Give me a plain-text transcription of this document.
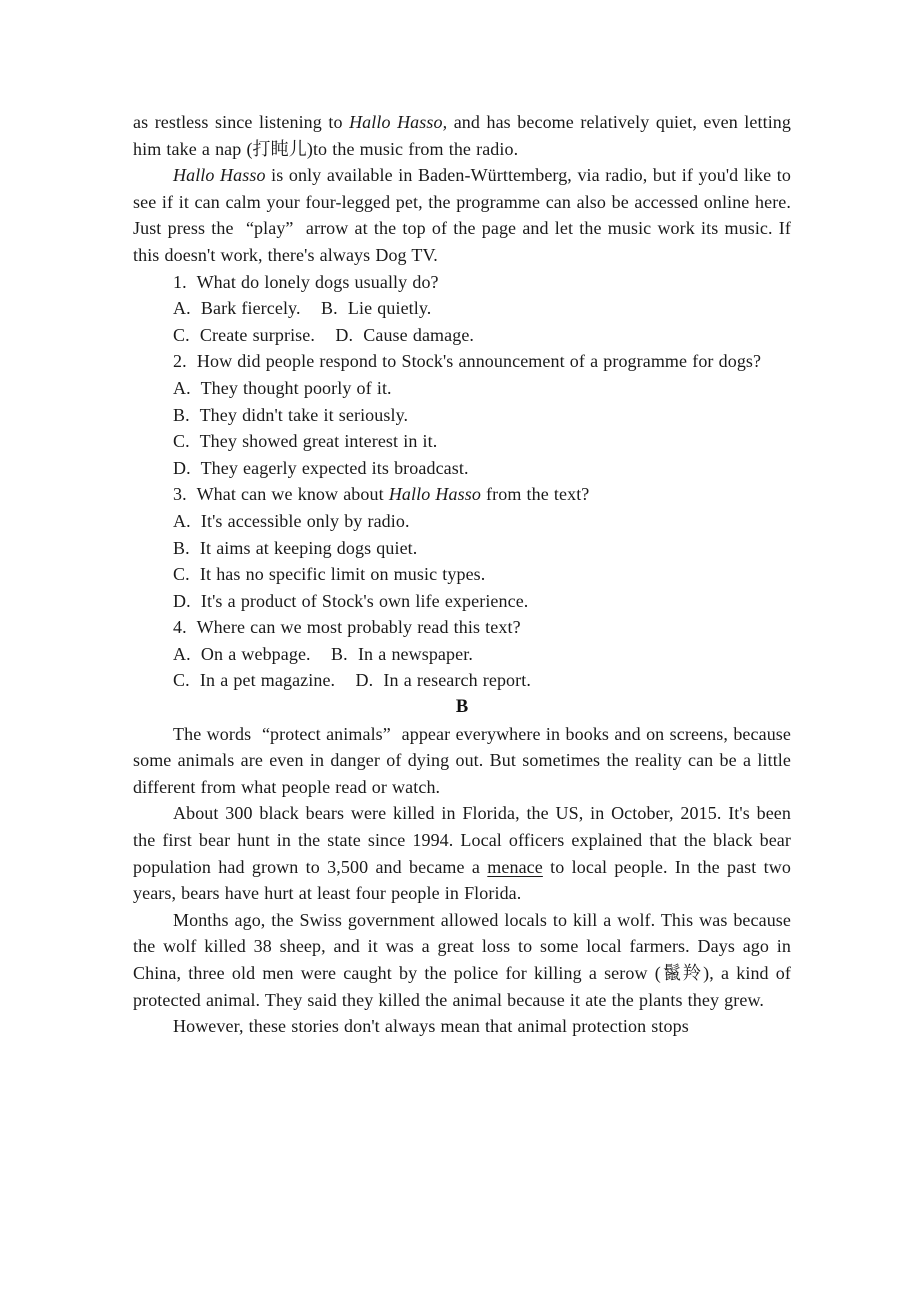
as restless since listening to Hallo Hasso, and has become relatively quiet, even letting him take a nap (打盹儿)to the music from the radio.
Hallo Hasso is only available in Baden-Württemberg, via radio, but if you'd like to see if it can calm your four-legged pet, the programme can also be accessed online here. Just press the  “play”  arrow at the top of the page and let the music work its music. If this doesn't work, there's always Dog TV.
1.  What do lonely dogs usually do?
A.  Bark fiercely.    B.  Lie quietly.
C.  Create surprise.    D.  Cause damage.
2.  How did people respond to Stock's announcement of a programme for dogs?
A.  They thought poorly of it.
B.  They didn't take it seriously.
C.  They showed great interest in it.
D.  They eagerly expected its broadcast.
3.  What can we know about Hallo Hasso from the text?
A.  It's accessible only by radio.
B.  It aims at keeping dogs quiet.
C.  It has no specific limit on music types.
D.  It's a product of Stock's own life experience.
4.  Where can we most probably read this text?
A.  On a webpage.    B.  In a newspaper.
C.  In a pet magazine.    D.  In a research report.
B
The words  “protect animals”  appear everywhere in books and on screens, because some animals are even in danger of dying out. But sometimes the reality can be a little different from what people read or watch.
About 300 black bears were killed in Florida, the US, in October, 2015. It's been the first bear hunt in the state since 1994. Local officers explained that the black bear population had grown to 3,500 and became a menace to local people. In the past two years, bears have hurt at least four people in Florida.
Months ago, the Swiss government allowed locals to kill a wolf. This was because the wolf killed 38 sheep, and it was a great loss to some local farmers. Days ago in China, three old men were caught by the police for killing a serow (鬣羚), a kind of protected animal. They said they killed the animal because it ate the plants they grew.
However, these stories don't always mean that animal protection stops
